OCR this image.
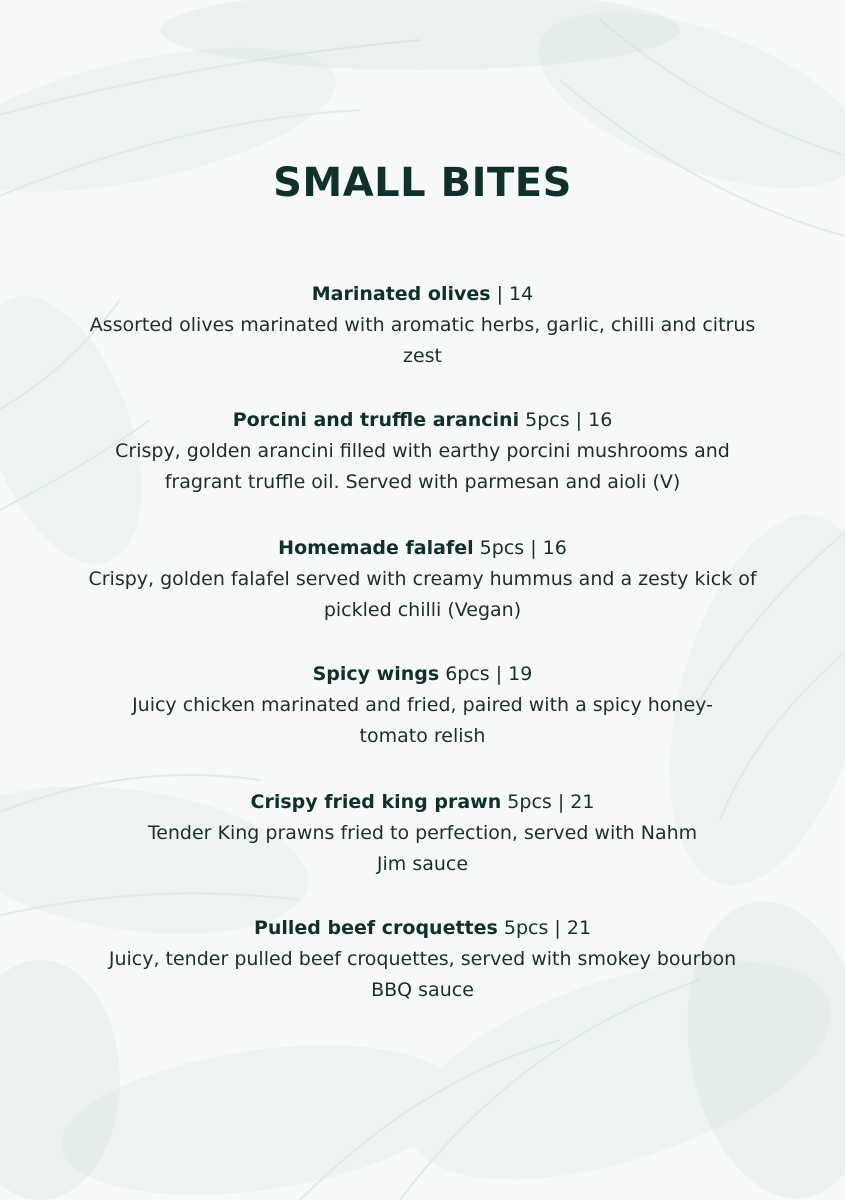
SMALL BITES
Marinated olives | 14
Assorted olives marinated with aromatic herbs, garlic, chilli and citrus zest
Porcini and truffle arancini 5pcs | 16
Crispy, golden arancini filled with earthy porcini mushrooms and fragrant truffle oil. Served with parmesan and aioli (V)
Homemade falafel 5pcs | 16
Crispy, golden falafel served with creamy hummus and a zesty kick of pickled chilli (Vegan)
Spicy wings 6pcs | 19
Juicy chicken marinated and fried, paired with a spicy honey-tomato relish
Crispy fried king prawn 5pcs | 21
Tender King prawns fried to perfection, served with Nahm Jim sauce
Pulled beef croquettes 5pcs | 21
Juicy, tender pulled beef croquettes, served with smokey bourbon BBQ sauce
